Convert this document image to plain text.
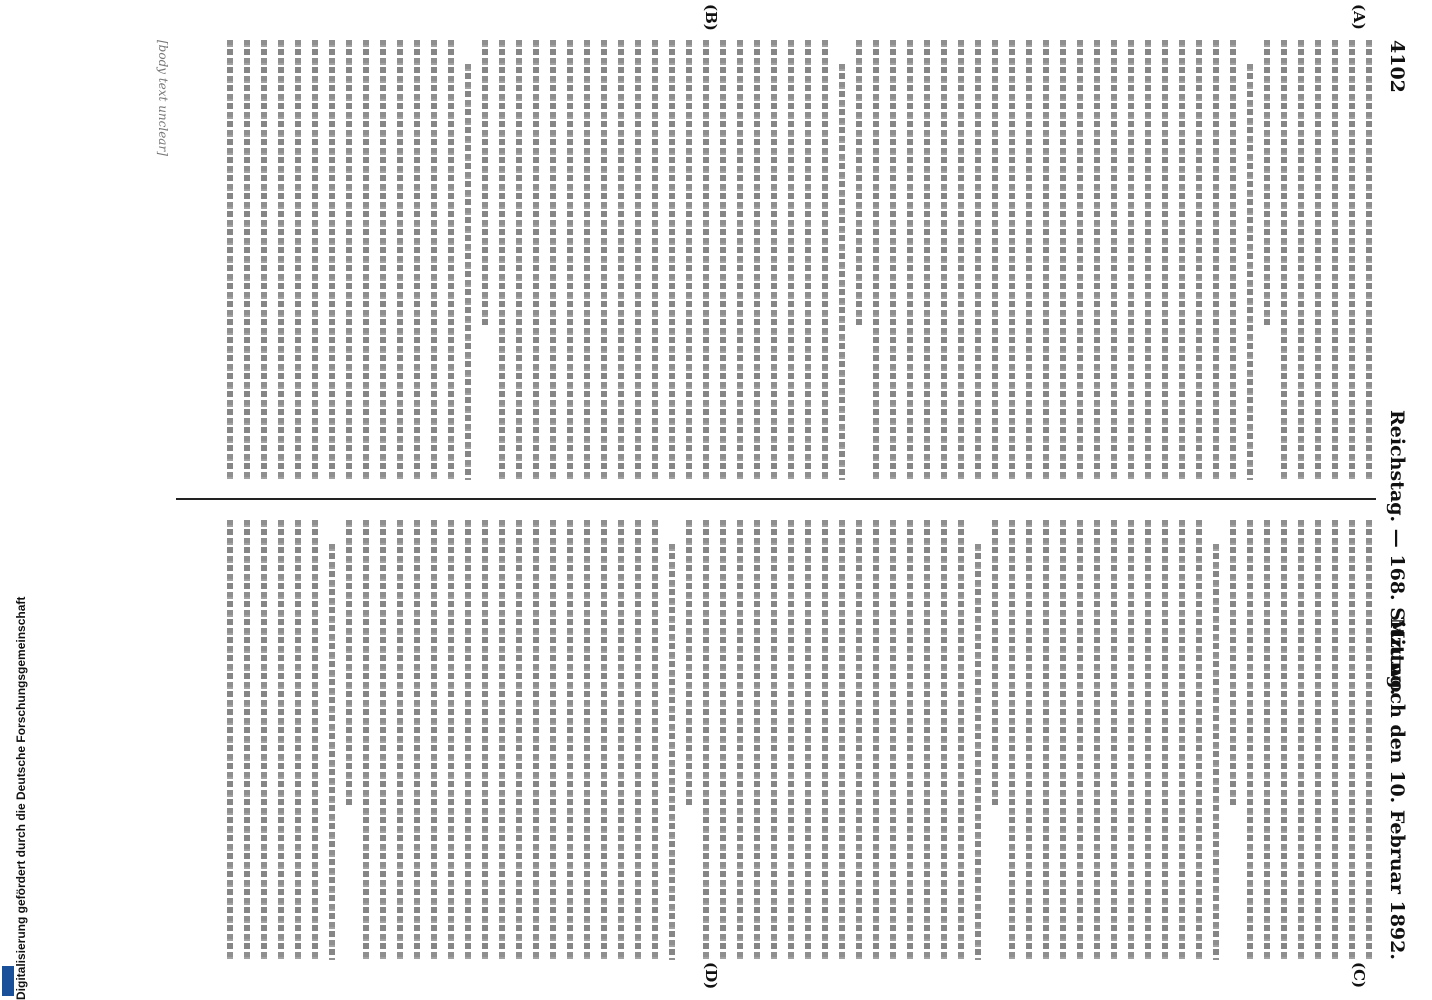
4102
Reichstag. — 168. Sitzung.
Mittwoch den 10. Februar 1892.
(A)
(B)
(C)
(D)
[body text unclear]
Digitalisierung gefördert durch die Deutsche Forschungsgemeinschaft
